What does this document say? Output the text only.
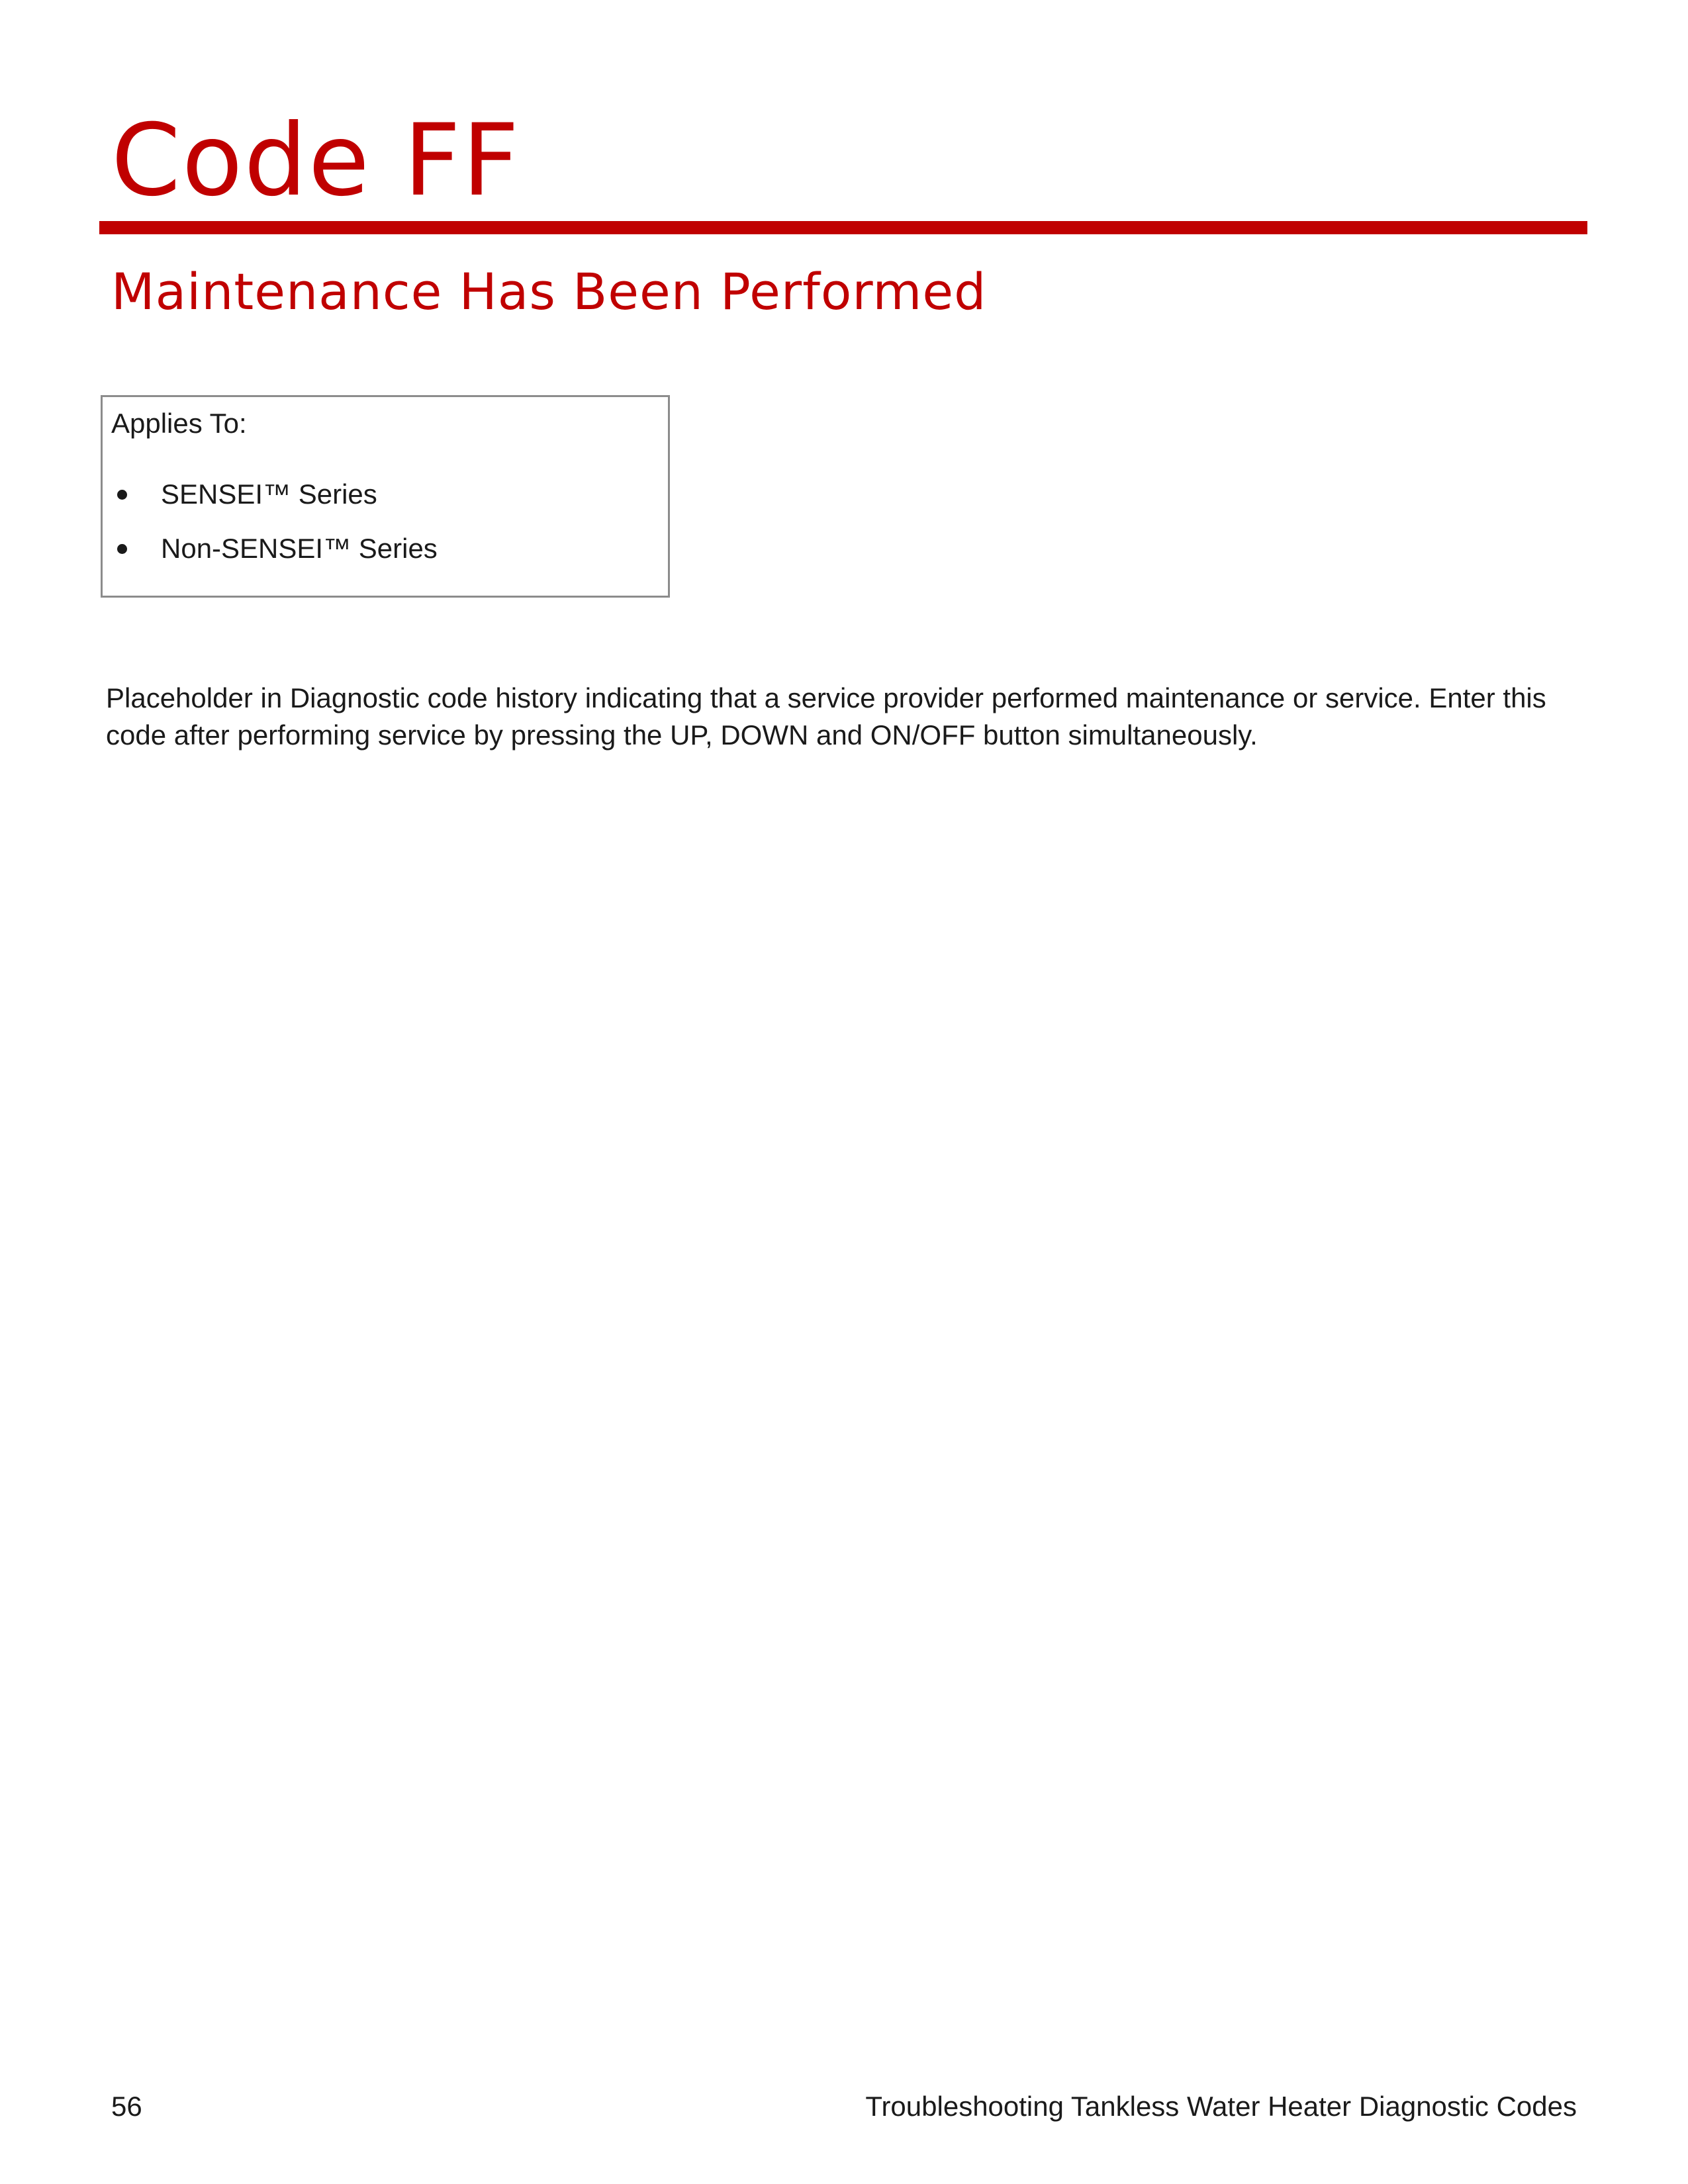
Code FF
Maintenance Has Been Performed
Applies To:
SENSEI™ Series
Non-SENSEI™ Series

Placeholder in Diagnostic code history indicating that a service provider performed maintenance or service. Enter this code after performing service by pressing the UP, DOWN and ON/OFF button simultaneously.

56	Troubleshooting Tankless Water Heater Diagnostic Codes
